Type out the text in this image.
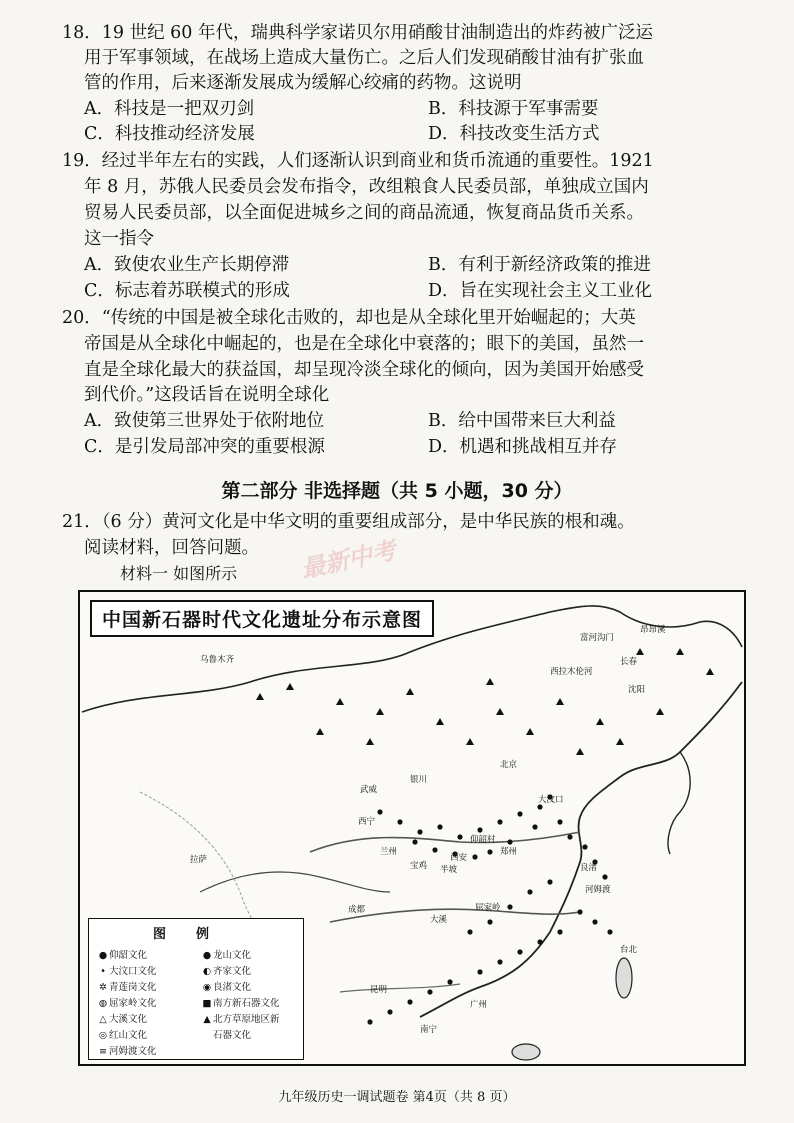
18．19 世纪 60 年代，瑞典科学家诺贝尔用硝酸甘油制造出的炸药被广泛运
用于军事领域，在战场上造成大量伤亡。之后人们发现硝酸甘油有扩张血
管的作用，后来逐渐发展成为缓解心绞痛的药物。这说明
A．科技是一把双刃剑	B．科技源于军事需要
C．科技推动经济发展	D．科技改变生活方式
19．经过半年左右的实践，人们逐渐认识到商业和货币流通的重要性。1921
年 8 月，苏俄人民委员会发布指令，改组粮食人民委员部，单独成立国内
贸易人民委员部，以全面促进城乡之间的商品流通，恢复商品货币关系。
这一指令
A．致使农业生产长期停滞	B．有利于新经济政策的推进
C．标志着苏联模式的形成	D．旨在实现社会主义工业化
20．“传统的中国是被全球化击败的，却也是从全球化里开始崛起的；大英
帝国是从全球化中崛起的，也是在全球化中衰落的；眼下的美国，虽然一
直是全球化最大的获益国，却呈现冷淡全球化的倾向，因为美国开始感受
到代价。”这段话旨在说明全球化
A．致使第三世界处于依附地位	B．给中国带来巨大利益
C．是引发局部冲突的重要根源	D．机遇和挑战相互并存
第二部分 非选择题（共 5 小题，30 分）
21．（6 分）黄河文化是中华文明的重要组成部分，是中华民族的根和魂。
阅读材料，回答问题。 最新中考
材料一 如图所示
昂昂溪
富河沟门
长春
西拉木伦河
乌鲁木齐
沈阳
武威
银川
大汶口
北京
西宁
兰州
宝鸡
西安
郑州
半坡
仰韶村
大溪
屈家岭
成都
河姆渡
良渚
昆明
南宁
广州
台北
拉萨
中国新石器时代文化遗址分布示意图
图例
● 仰韶文化
• 大汶口文化
✲ 青莲岗文化
◍ 屈家岭文化
△ 大溪文化
◎ 红山文化
≡ 河姆渡文化
● 龙山文化
◐ 齐家文化
◉ 良渚文化
■ 南方新石器文化
▲ 北方草原地区新
石器文化
九年级历史一调试题卷 第4页（共 8 页）
